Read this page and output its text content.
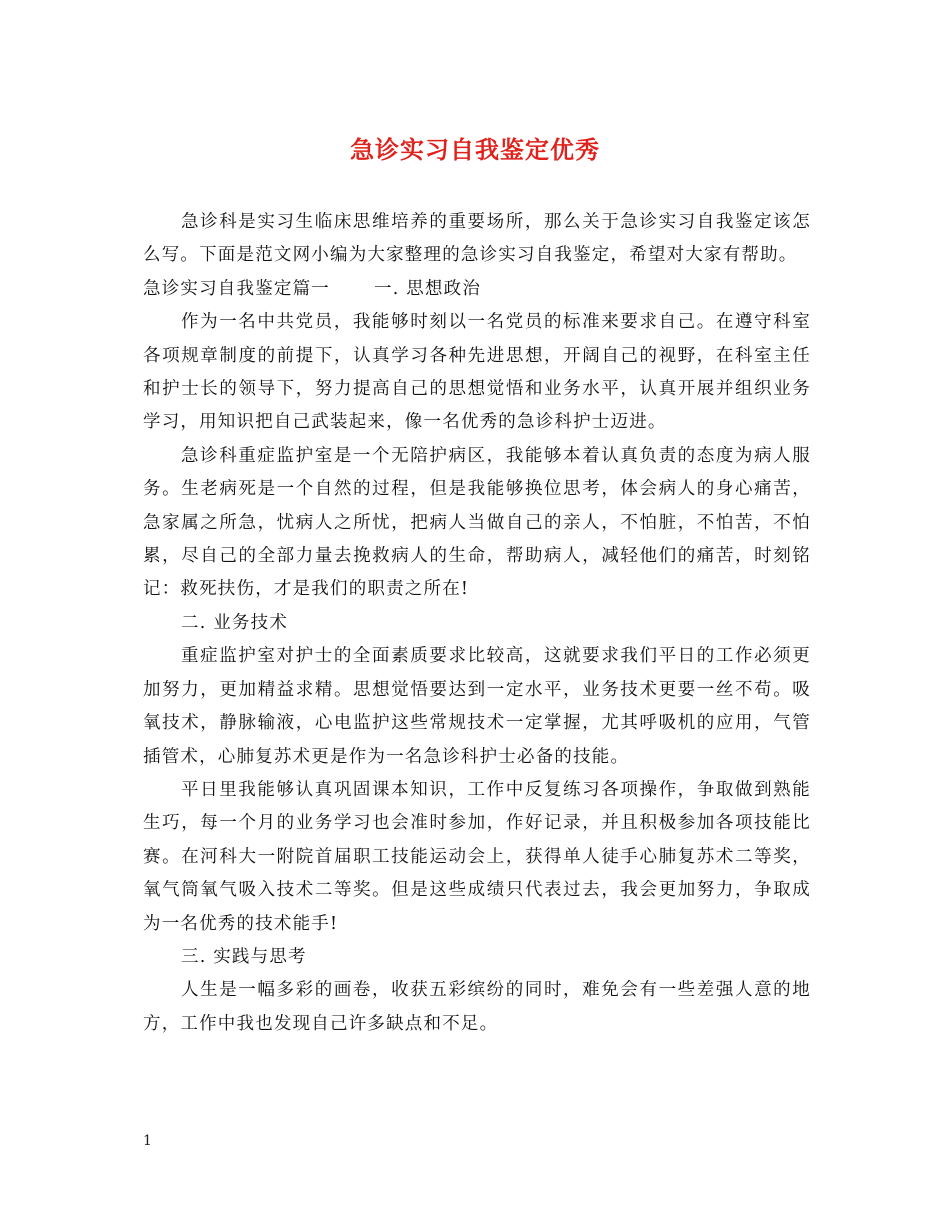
急诊实习自我鉴定优秀

急诊科是实习生临床思维培养的重要场所，那么关于急诊实习自我鉴定该怎么写。下面是范文网小编为大家整理的急诊实习自我鉴定，希望对大家有帮助。

急诊实习自我鉴定篇一	一. 思想政治

作为一名中共党员，我能够时刻以一名党员的标准来要求自己。在遵守科室各项规章制度的前提下，认真学习各种先进思想，开阔自己的视野，在科室主任和护士长的领导下，努力提高自己的思想觉悟和业务水平，认真开展并组织业务学习，用知识把自己武装起来，像一名优秀的急诊科护士迈进。

急诊科重症监护室是一个无陪护病区，我能够本着认真负责的态度为病人服务。生老病死是一个自然的过程，但是我能够换位思考，体会病人的身心痛苦，急家属之所急，忧病人之所忧，把病人当做自己的亲人，不怕脏，不怕苦，不怕累，尽自己的全部力量去挽救病人的生命，帮助病人，减轻他们的痛苦，时刻铭记：救死扶伤，才是我们的职责之所在!

二. 业务技术

重症监护室对护士的全面素质要求比较高，这就要求我们平日的工作必须更加努力，更加精益求精。思想觉悟要达到一定水平，业务技术更要一丝不苟。吸氧技术，静脉输液，心电监护这些常规技术一定掌握，尤其呼吸机的应用，气管插管术，心肺复苏术更是作为一名急诊科护士必备的技能。

平日里我能够认真巩固课本知识，工作中反复练习各项操作，争取做到熟能生巧，每一个月的业务学习也会准时参加，作好记录，并且积极参加各项技能比赛。在河科大一附院首届职工技能运动会上，获得单人徒手心肺复苏术二等奖，氧气筒氧气吸入技术二等奖。但是这些成绩只代表过去，我会更加努力，争取成为一名优秀的技术能手!

三. 实践与思考

人生是一幅多彩的画卷，收获五彩缤纷的同时，难免会有一些差强人意的地方，工作中我也发现自己许多缺点和不足。

1
